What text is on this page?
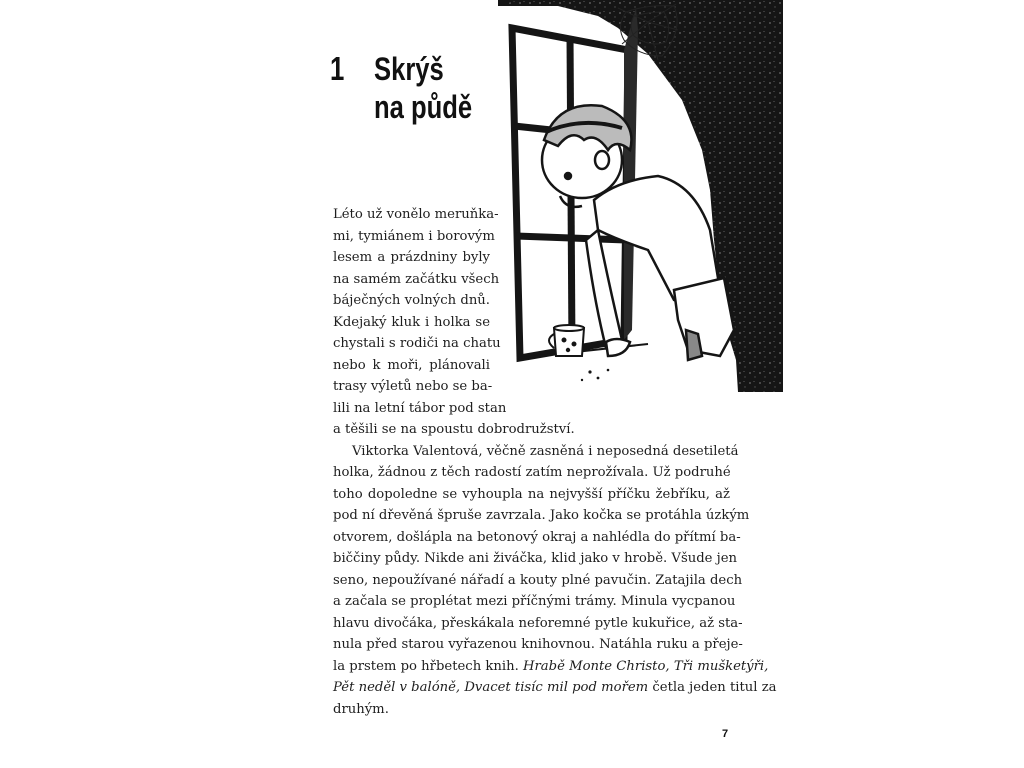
1 Skrýš
na půdě
Léto už vonělo meruňka-
mi, tymiánem i borovým
lesem a prázdniny byly
na samém začátku všech
báječných volných dnů.
Kdejaký kluk i holka se
chystali s rodiči na chatu
nebo k moři, plánovali
trasy výletů nebo se ba-
lili na letní tábor pod stan
a těšili se na spoustu dobrodružství.
Viktorka Valentová, věčně zasněná i neposedná desetiletá
holka, žádnou z těch radostí zatím neprožívala. Už podruhé
toho dopoledne se vyhoupla na nejvyšší příčku žebříku, až
pod ní dřevěná špruše zavrzala. Jako kočka se protáhla úzkým
otvorem, došlápla na betonový okraj a nahlédla do přítmí ba-
biččiny půdy. Nikde ani živáčka, klid jako v hrobě. Všude jen
seno, nepoužívané nářadí a kouty plné pavučin. Zatajila dech
a začala se proplétat mezi příčnými trámy. Minula vycpanou
hlavu divočáka, přeskákala neforemné pytle kukuřice, až sta-
nula před starou vyřazenou knihovnou. Natáhla ruku a přeje-
la prstem po hřbetech knih. Hrabě Monte Christo, Tři mušketýři,
Pět neděl v balóně, Dvacet tisíc mil pod mořem četla jeden titul za
druhým.
7
